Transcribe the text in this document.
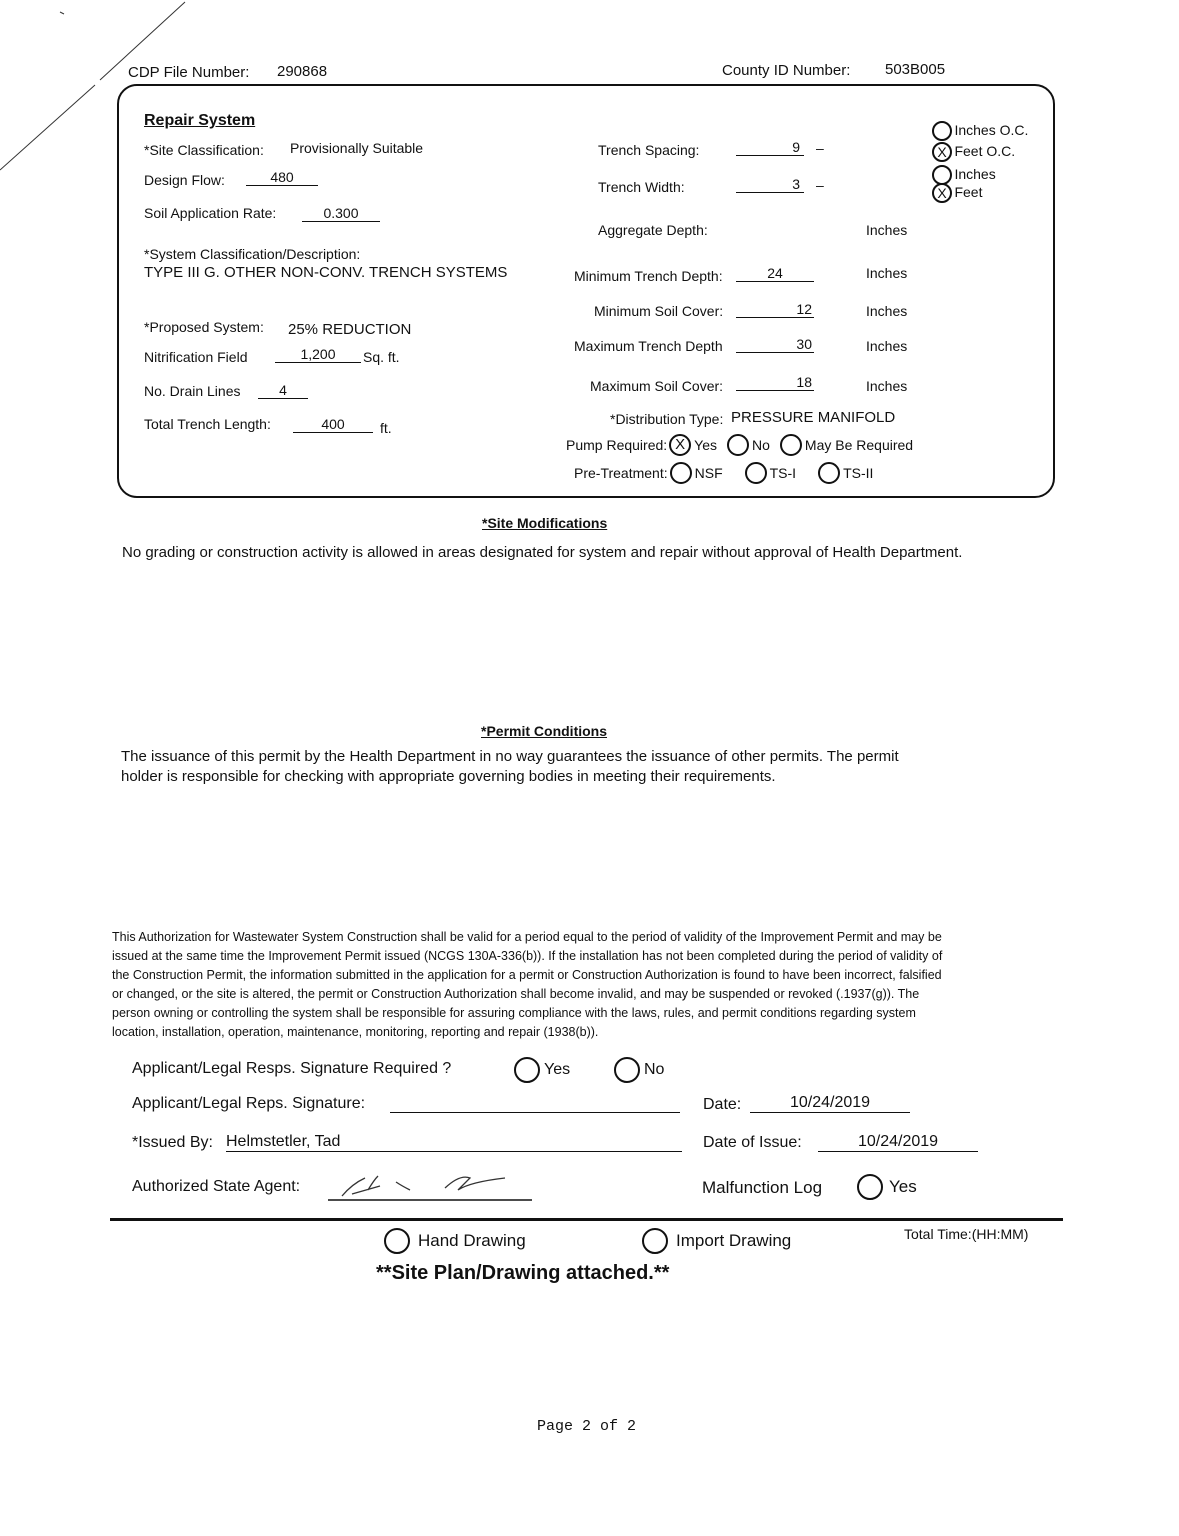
CDP File Number: 290868	County ID Number: 503B005
Repair System
*Site Classification: Provisionally Suitable
Design Flow:	480
Soil Application Rate:	0.300
*System Classification/Description:
TYPE III G. OTHER NON-CONV. TRENCH SYSTEMS
*Proposed System: 25% REDUCTION
Nitrification Field	1,200	Sq. ft.
No. Drain Lines	4
Total Trench Length:	400	ft.
Trench Spacing:	9 –
Trench Width:	3 –
Inches O.C.
X Feet O.C.
Inches
X Feet
Aggregate Depth:	Inches
Minimum Trench Depth:	24	Inches
Minimum Soil Cover:	12	Inches
Maximum Trench Depth	30	Inches
Maximum Soil Cover:	18	Inches
*Distribution Type: PRESSURE MANIFOLD
Pump Required:
X Yes	No	May Be Required
Pre-Treatment: NSF	TS-I	TS-II
*Site Modifications
No grading or construction activity is allowed in areas designated for system and repair without approval of Health Department.
*Permit Conditions
The issuance of this permit by the Health Department in no way guarantees the issuance of other permits. The permit holder is responsible for checking with appropriate governing bodies in meeting their requirements.
This Authorization for Wastewater System Construction shall be valid for a period equal to the period of validity of the Improvement Permit and may be issued at the same time the Improvement Permit issued (NCGS 130A-336(b)). If the installation has not been completed during the period of validity of the Construction Permit, the information submitted in the application for a permit or Construction Authorization is found to have been incorrect, falsified or changed, or the site is altered, the permit or Construction Authorization shall become invalid, and may be suspended or revoked (.1937(g)). The person owning or controlling the system shall be responsible for assuring compliance with the laws, rules, and permit conditions regarding system location, installation, operation, maintenance, monitoring, reporting and repair (1938(b)).
Applicant/Legal Resps. Signature Required ?	Yes	No
Applicant/Legal Reps. Signature:	Date:	10/24/2019
*Issued By: Helmstetler, Tad	Date of Issue:	10/24/2019
Authorized State Agent:	Malfunction Log	Yes
Hand Drawing	Import Drawing	Total Time:(HH:MM)
**Site Plan/Drawing attached.**
Page 2 of 2
